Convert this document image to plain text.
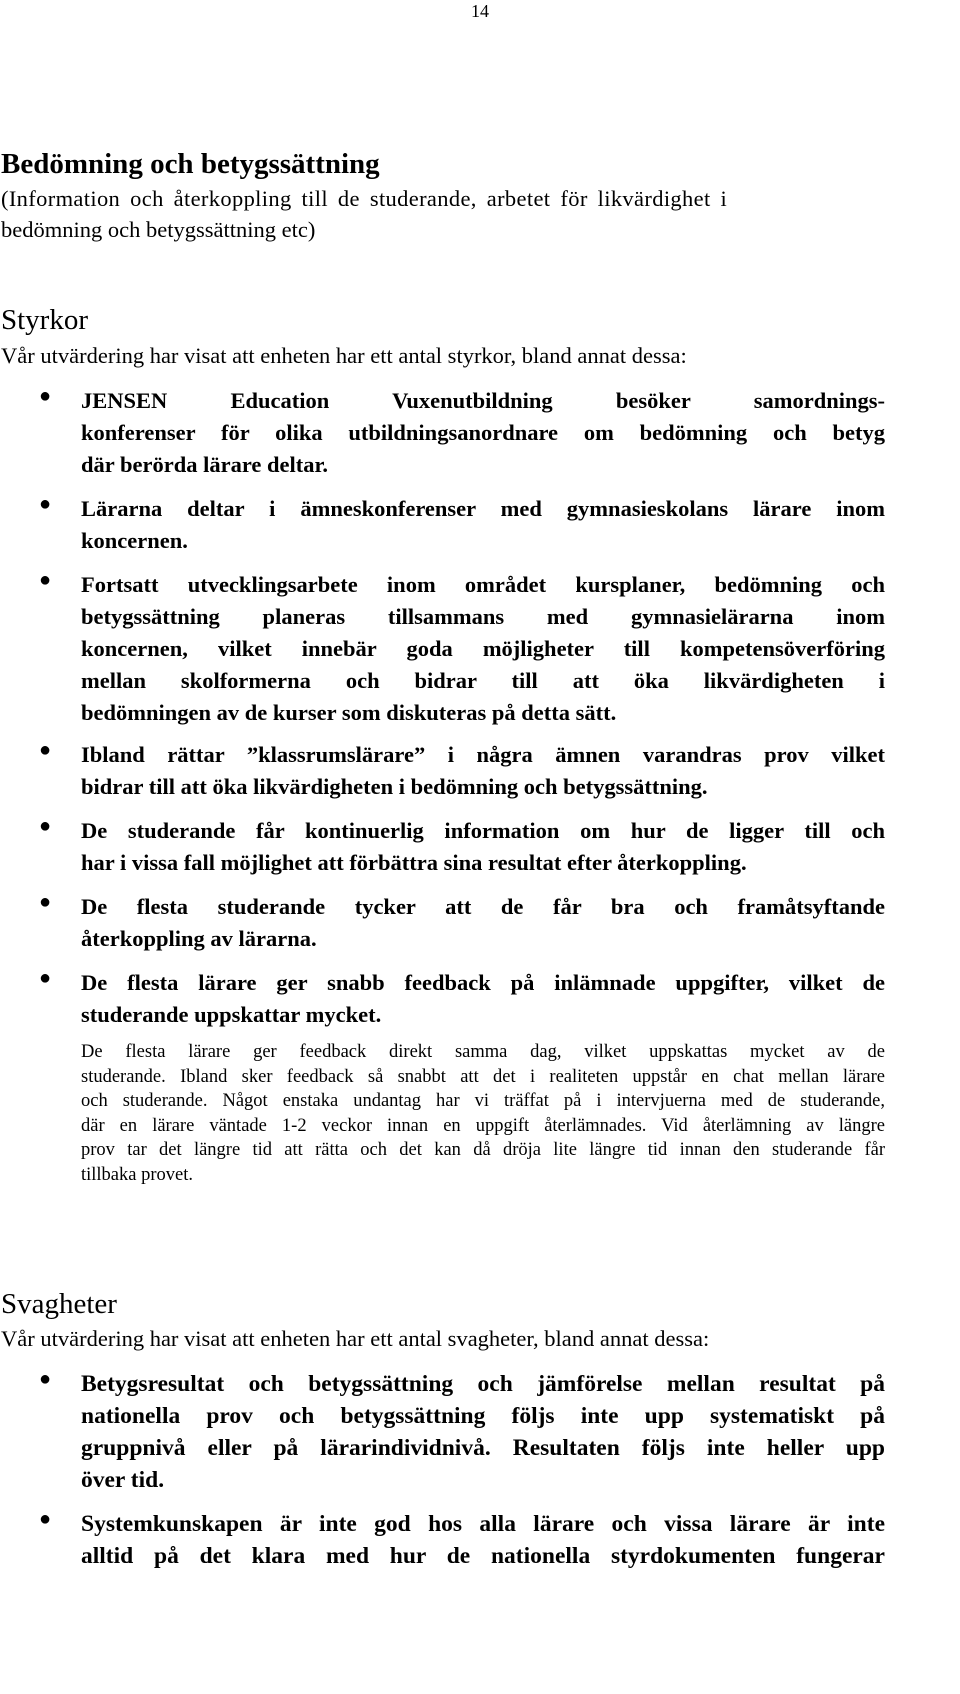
14
Bedömning och betygssättning

(Information och återkoppling till de studerande, arbetet för likvärdighet i

bedömning och betygssättning etc)

Styrkor

Vår utvärdering har visat att enheten har ett antal styrkor, bland annat dessa:

● JENSEN Education Vuxenutbildning besöker samordnings-
konferenser för olika utbildningsanordnare om bedömning och betyg
där berörda lärare deltar.
● Lärarna deltar i ämneskonferenser med gymnasieskolans lärare inom
koncernen.
● Fortsatt utvecklingsarbete inom området kursplaner, bedömning och
betygssättning planeras tillsammans med gymnasielärarna inom
koncernen, vilket innebär goda möjligheter till kompetensöverföring
mellan skolformerna och bidrar till att öka likvärdigheten i
bedömningen av de kurser som diskuteras på detta sätt.
● Ibland rättar ”klassrumslärare” i några ämnen varandras prov vilket
bidrar till att öka likvärdigheten i bedömning och betygssättning.
● De studerande får kontinuerlig information om hur de ligger till och
har i vissa fall möjlighet att förbättra sina resultat efter återkoppling.
● De flesta studerande tycker att de får bra och framåtsyftande
återkoppling av lärarna.
● De flesta lärare ger snabb feedback på inlämnade uppgifter, vilket de
studerande uppskattar mycket.

De flesta lärare ger feedback direkt samma dag, vilket uppskattas mycket av de
studerande. Ibland sker feedback så snabbt att det i realiteten uppstår en chat mellan lärare
och studerande. Något enstaka undantag har vi träffat på i intervjuerna med de studerande,
där en lärare väntade 1-2 veckor innan en uppgift återlämnades. Vid återlämning av längre
prov tar det längre tid att rätta och det kan då dröja lite längre tid innan den studerande får
tillbaka provet.

Svagheter

Vår utvärdering har visat att enheten har ett antal svagheter, bland annat dessa:

● Betygsresultat och betygssättning och jämförelse mellan resultat på
nationella prov och betygssättning följs inte upp systematiskt på
gruppnivå eller på lärarindividnivå. Resultaten följs inte heller upp
över tid.
● Systemkunskapen är inte god hos alla lärare och vissa lärare är inte
alltid på det klara med hur de nationella styrdokumenten fungerar
